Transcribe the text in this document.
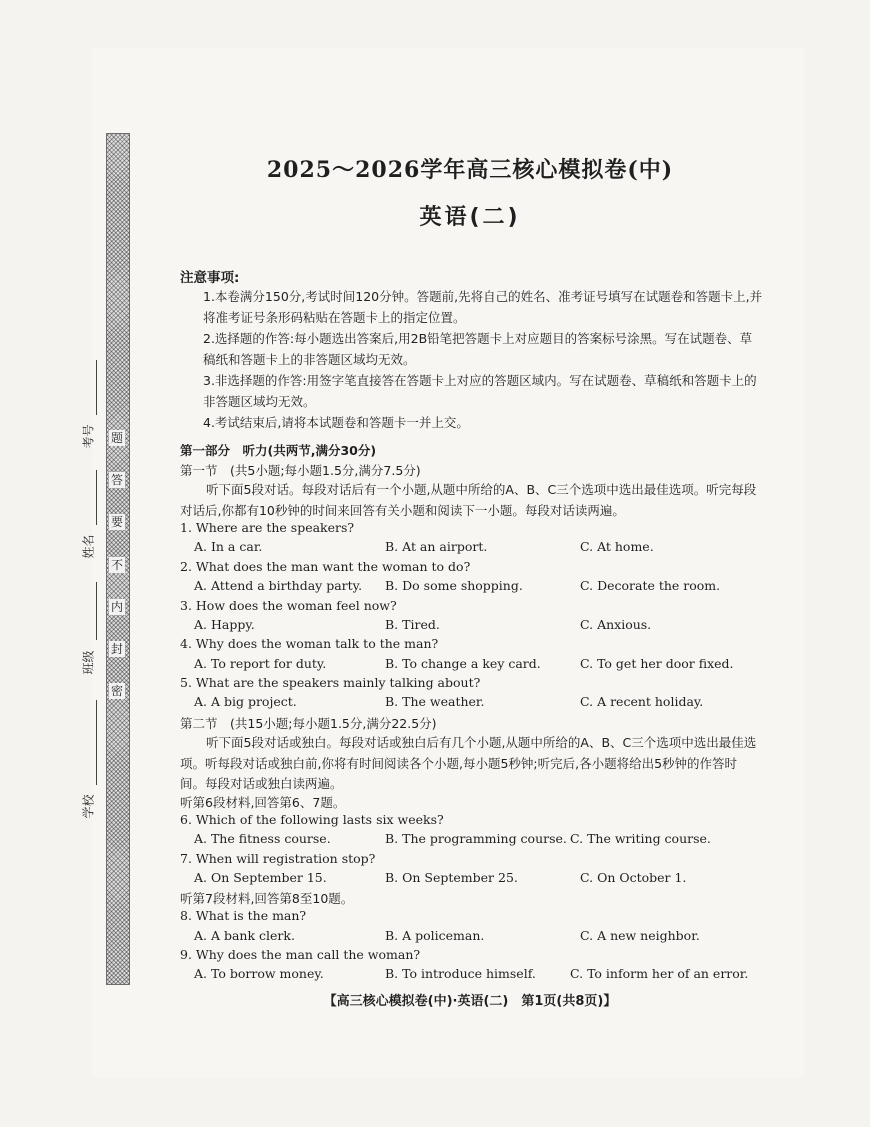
题
答
要
不
内
封
密
考号
姓名
班级
学校
2025～2026学年高三核心模拟卷(中)
英语(二)
注意事项:
1.本卷满分150分,考试时间120分钟。答题前,先将自己的姓名、准考证号填写在试题卷和答题卡上,并将准考证号条形码粘贴在答题卡上的指定位置。
2.选择题的作答:每小题选出答案后,用2B铅笔把答题卡上对应题目的答案标号涂黑。写在试题卷、草稿纸和答题卡上的非答题区域均无效。
3.非选择题的作答:用签字笔直接答在答题卡上对应的答题区域内。写在试题卷、草稿纸和答题卡上的非答题区域均无效。
4.考试结束后,请将本试题卷和答题卡一并上交。
第一部分　听力(共两节,满分30分)
第一节　(共5小题;每小题1.5分,满分7.5分)
听下面5段对话。每段对话后有一个小题,从题中所给的A、B、C三个选项中选出最佳选项。听完每段对话后,你都有10秒钟的时间来回答有关小题和阅读下一小题。每段对话读两遍。
1. Where are the speakers?
A. In a car.	B. At an airport.	C. At home.
2. What does the man want the woman to do?
A. Attend a birthday party. B. Do some shopping.	C. Decorate the room.
3. How does the woman feel now?
A. Happy.	B. Tired.	C. Anxious.
4. Why does the woman talk to the man?
A. To report for duty.	B. To change a key card.	C. To get her door fixed.
5. What are the speakers mainly talking about?
A. A big project.	B. The weather.	C. A recent holiday.
第二节　(共15小题;每小题1.5分,满分22.5分)
听下面5段对话或独白。每段对话或独白后有几个小题,从题中所给的A、B、C三个选项中选出最佳选项。听每段对话或独白前,你将有时间阅读各个小题,每小题5秒钟;听完后,各小题将给出5秒钟的作答时间。每段对话或独白读两遍。
听第6段材料,回答第6、7题。
6. Which of the following lasts six weeks?
A. The fitness course.	B. The programming course. C. The writing course.
7. When will registration stop?
A. On September 15.	B. On September 25.	C. On October 1.
听第7段材料,回答第8至10题。
8. What is the man?
A. A bank clerk.	B. A policeman.	C. A new neighbor.
9. Why does the man call the woman?
A. To borrow money.	B. To introduce himself.	C. To inform her of an error.
【高三核心模拟卷(中)·英语(二)　第1页(共8页)】
